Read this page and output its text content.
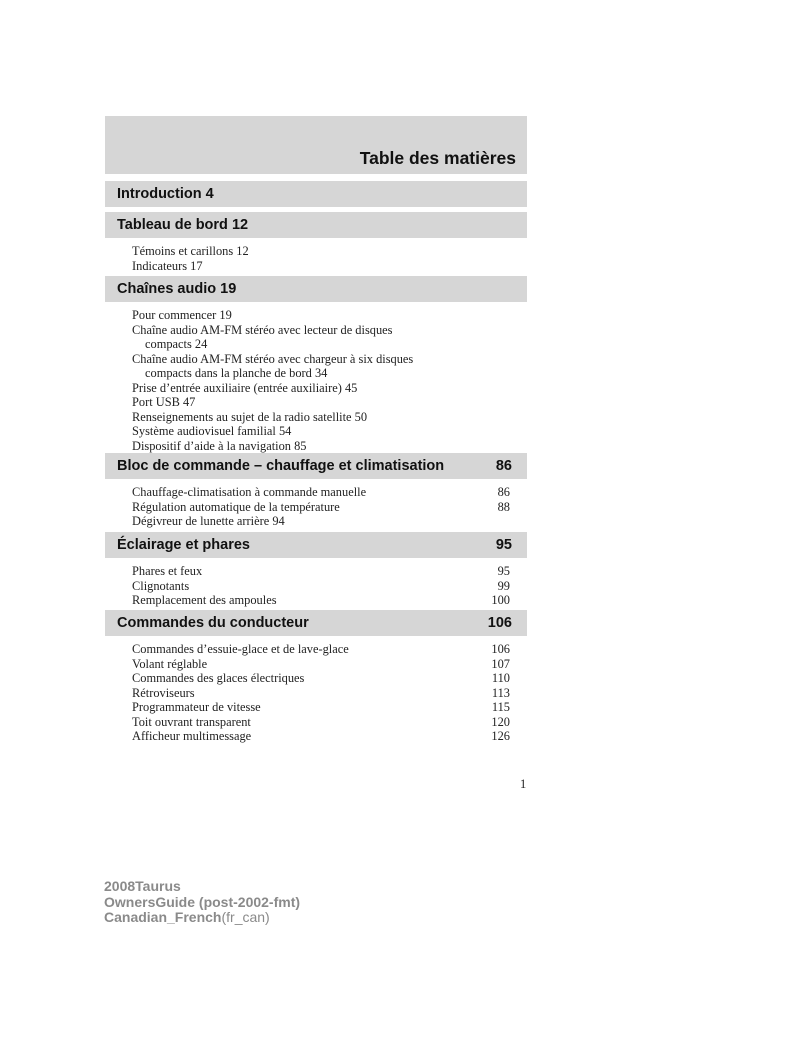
Table des matières
Introduction 4
Tableau de bord 12
Témoins et carillons 12
Indicateurs 17
Chaînes audio 19
Pour commencer 19
Chaîne audio AM-FM stéréo avec lecteur de disques
compacts 24
Chaîne audio AM-FM stéréo avec chargeur à six disques
compacts dans la planche de bord 34
Prise d’entrée auxiliaire (entrée auxiliaire) 45
Port USB 47
Renseignements au sujet de la radio satellite 50
Système audiovisuel familial 54
Dispositif d’aide à la navigation 85
Bloc de commande – chauffage et climatisation	86
Chauffage-climatisation à commande manuelle	86
Régulation automatique de la température	88
Dégivreur de lunette arrière 94
Éclairage et phares	95
Phares et feux	95
Clignotants	99
Remplacement des ampoules	100
Commandes du conducteur	106
Commandes d’essuie-glace et de lave-glace	106
Volant réglable	107
Commandes des glaces électriques	110
Rétroviseurs	113
Programmateur de vitesse	115
Toit ouvrant transparent	120
Afficheur multimessage	126
1
2008Taurus
OwnersGuide (post-2002-fmt)
Canadian_French(fr_can)
